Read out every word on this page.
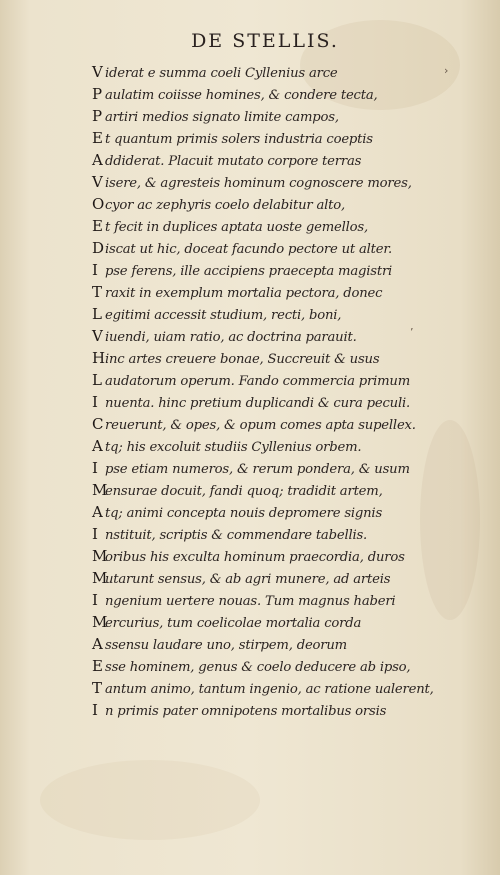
DE STELLIS.
›
’
V iderat e summa coeli Cyllenius arce
P aulatim coiisse homines, & condere tecta,
P artiri medios signato limite campos,
E t quantum primis solers industria coeptis
A ddiderat. Placuit mutato corpore terras
V isere, & agresteis hominum cognoscere mores,
Ocyor ac zephyris coelo delabitur alto,
E t fecit in duplices aptata uoste gemellos,
Discat ut hic, doceat facundo pectore ut alter.
I pse ferens, ille accipiens praecepta magistri
T raxit in exemplum mortalia pectora, donec
L egitimi accessit studium, recti, boni,
V iuendi, uiam ratio, ac doctrina parauit.
Hinc artes creuere bonae, Succreuit & usus
L audatorum operum. Fando commercia primum
I nuenta. hinc pretium duplicandi & cura peculi.
C reuerunt, & opes, & opum comes apta supellex.
A tq; his excoluit studiis Cyllenius orbem.
I pse etiam numeros, & rerum pondera, & usum
Mensurae docuit, fandi quoq; tradidit artem,
A tq; animi concepta nouis depromere signis
I nstituit, scriptis & commendare tabellis.
Moribus his exculta hominum praecordia, duros
Mutarunt sensus, & ab agri munere, ad arteis
I ngenium uertere nouas. Tum magnus haberi
Mercurius, tum coelicolae mortalia corda
A ssensu laudare uno, stirpem, deorum
E sse hominem, genus & coelo deducere ab ipso,
T antum animo, tantum ingenio, ac ratione ualerent,
I n primis pater omnipotens mortalibus orsis
